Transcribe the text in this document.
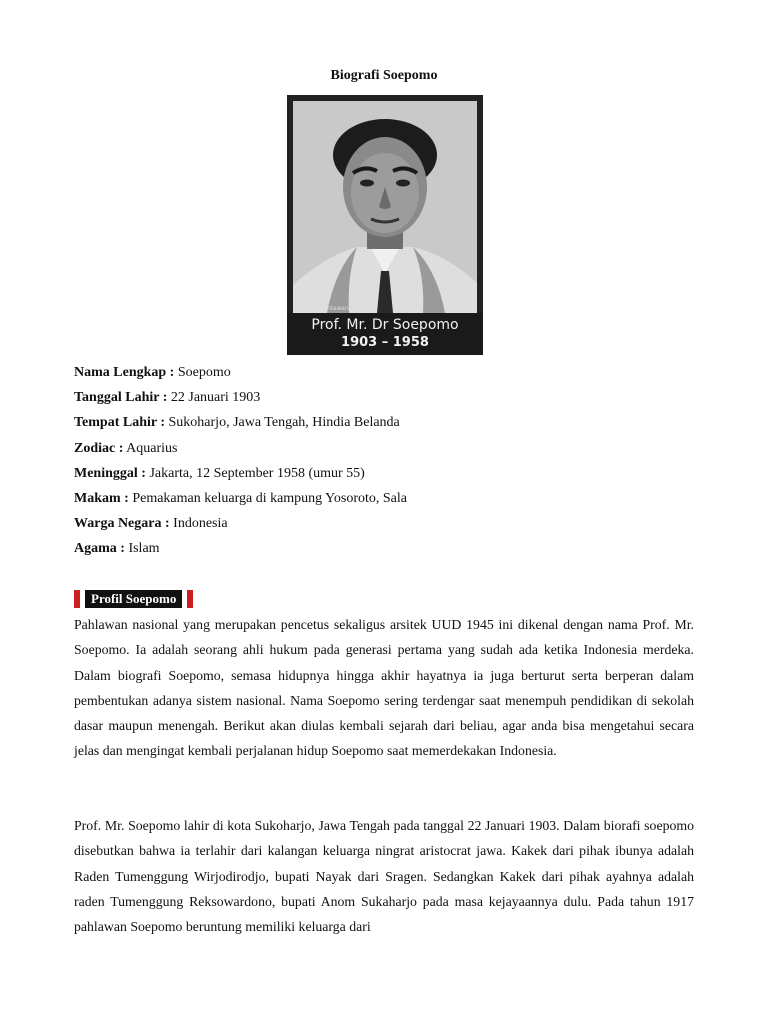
Biografi Soepomo
BiografiPahlawan.com
Prof. Mr. Dr Soepomo
1903 – 1958
Nama Lengkap : Soepomo
Tanggal Lahir : 22 Januari 1903
Tempat Lahir : Sukoharjo, Jawa Tengah, Hindia Belanda
Zodiac : Aquarius
Meninggal : Jakarta, 12 September 1958 (umur 55)
Makam : Pemakaman keluarga di kampung Yosoroto, Sala
Warga Negara : Indonesia
Agama : Islam
Profil Soepomo

Pahlawan nasional yang merupakan pencetus sekaligus arsitek UUD 1945 ini dikenal dengan nama Prof. Mr. Soepomo. Ia adalah seorang ahli hukum pada generasi pertama yang sudah ada ketika Indonesia merdeka. Dalam biografi Soepomo, semasa hidupnya hingga akhir hayatnya ia juga berturut serta berperan dalam pembentukan adanya sistem nasional. Nama Soepomo sering terdengar saat menempuh pendidikan di sekolah dasar maupun menengah. Berikut akan diulas kembali sejarah dari beliau, agar anda bisa mengetahui secara jelas dan mengingat kembali perjalanan hidup Soepomo saat memerdekakan Indonesia.

Prof. Mr. Soepomo lahir di kota Sukoharjo, Jawa Tengah pada tanggal 22 Januari 1903. Dalam biorafi soepomo disebutkan bahwa ia terlahir dari kalangan keluarga ningrat aristocrat jawa. Kakek dari pihak ibunya adalah Raden Tumenggung Wirjodirodjo, bupati Nayak dari Sragen. Sedangkan Kakek dari pihak ayahnya adalah raden Tumenggung Reksowardono, bupati Anom Sukaharjo pada masa kejayaannya dulu. Pada tahun 1917 pahlawan Soepomo beruntung memiliki keluarga dari
